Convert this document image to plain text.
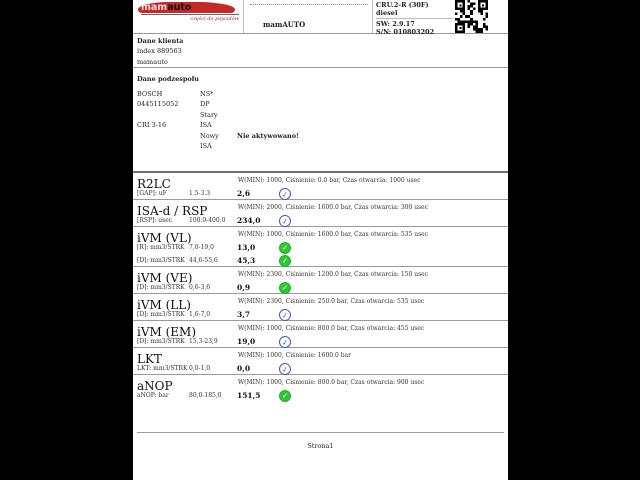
mamauto.pl
części do pojazdów
mamAUTO
CRU.2-R (30F)
diesel
SW: 2.9.17
S/N: 010803202
Dane klienta
index 889563
mamauto
Dane podzespołu
BOSCH	NS*
0445115052	DP
Stary
CRI 3-16	ISA
Nowy	Nie aktywowano!
ISA
R2LC	W(MIN): 1000, Ciśnienie: 0.0 bar, Czas otwarcia: 1000 usec
[GAP]: uF	1.5-3.3	2,6	✓
ISA-d / RSP	W(MIN): 2000, Ciśnienie: 1600.0 bar, Czas otwarcia: 300 usec
[RSP]: usec	100.0-400.0 234,0	✓
iVM (VL)	W(MIN): 1000, Ciśnienie: 1600.0 bar, Czas otwarcia: 535 usec
[R]: mm3/STRK 7,0-19,0	13,0	✓
[D]: mm3/STRK 44,6-55,6	45,3	✓
iVM (VE)	W(MIN): 2300, Ciśnienie: 1200.0 bar, Czas otwarcia: 150 usec
[D]: mm3/STRK 0,6-3,6	0,9	✓
iVM (LL)	W(MIN): 2300, Ciśnienie: 250.0 bar, Czas otwarcia: 535 usec
[D]: mm3/STRK 1,6-7,0	3,7	✓
iVM (EM)	W(MIN): 1000, Ciśnienie: 800.0 bar, Czas otwarcia: 455 usec
[D]: mm3/STRK 15,3-23,9	19,0	✓
LKT	W(MIN): 1000, Ciśnienie: 1600.0 bar
LKT: mm3/STRK0,0-1,0	0,0	✓
aNOP	W(MIN): 1000, Ciśnienie: 800.0 bar, Czas otwarcia: 900 usec
aNOP: bar	80,0-185,0 151,5	✓
Strona1
